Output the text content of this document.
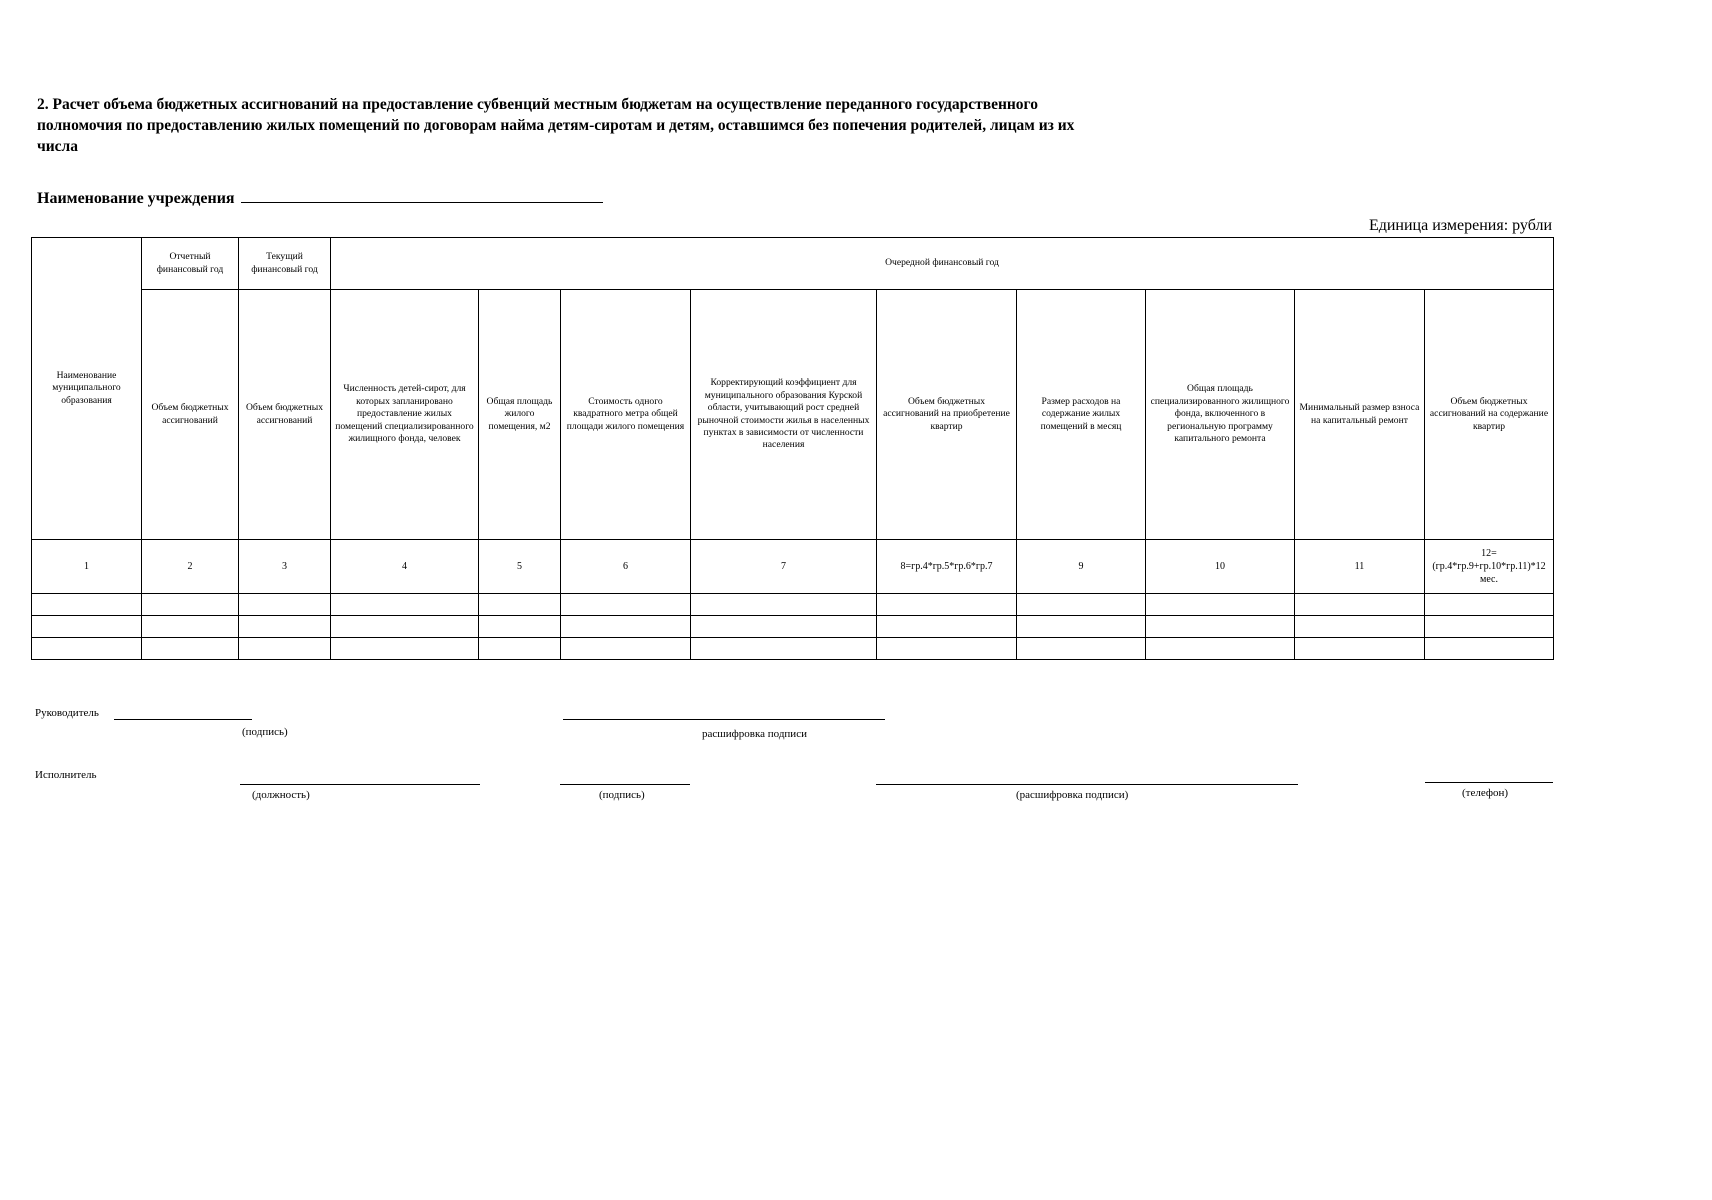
2. Расчет объема бюджетных ассигнований на предоставление субвенций местным бюджетам на осуществление переданного государственного полномочия по предоставлению жилых помещений по договорам найма детям-сиротам и детям, оставшимся без попечения родителей, лицам из их числа

Наименование учреждения
Единица измерения: рубли
Наименование муниципального образования	Отчетный финансовый год	Текущий финансовый год	Очередной финансовый год								
	Объем бюджетных ассигнований	Объем бюджетных ассигнований	Численность детей-сирот, для которых запланировано предоставление жилых помещений специализированного жилищного фонда, человек	Общая площадь жилого помещения, м2	Стоимость одного квадратного метра общей площади жилого помещения	Корректирующий коэффициент для муниципального образования Курской области, учитывающий рост средней рыночной стоимости жилья в населенных пунктах в зависимости от численности населения	Объем бюджетных ассигнований на приобретение квартир	Размер расходов на содержание жилых помещений в месяц	Общая площадь специализированного жилищного фонда, включенного в региональную программу капитального ремонта	Минимальный размер взноса на капитальный ремонт	Объем бюджетных ассигнований на содержание квартир
1	2	3	4	5	6	7	8=гр.4*гр.5*гр.6*гр.7	9	10	11	12=(гр.4*гр.9+гр.10*гр.11)*12 мес.

Руководитель
(подпись)	расшифровка подписи
Исполнитель
(должность)	(подпись)	(расшифровка подписи)	(телефон)
